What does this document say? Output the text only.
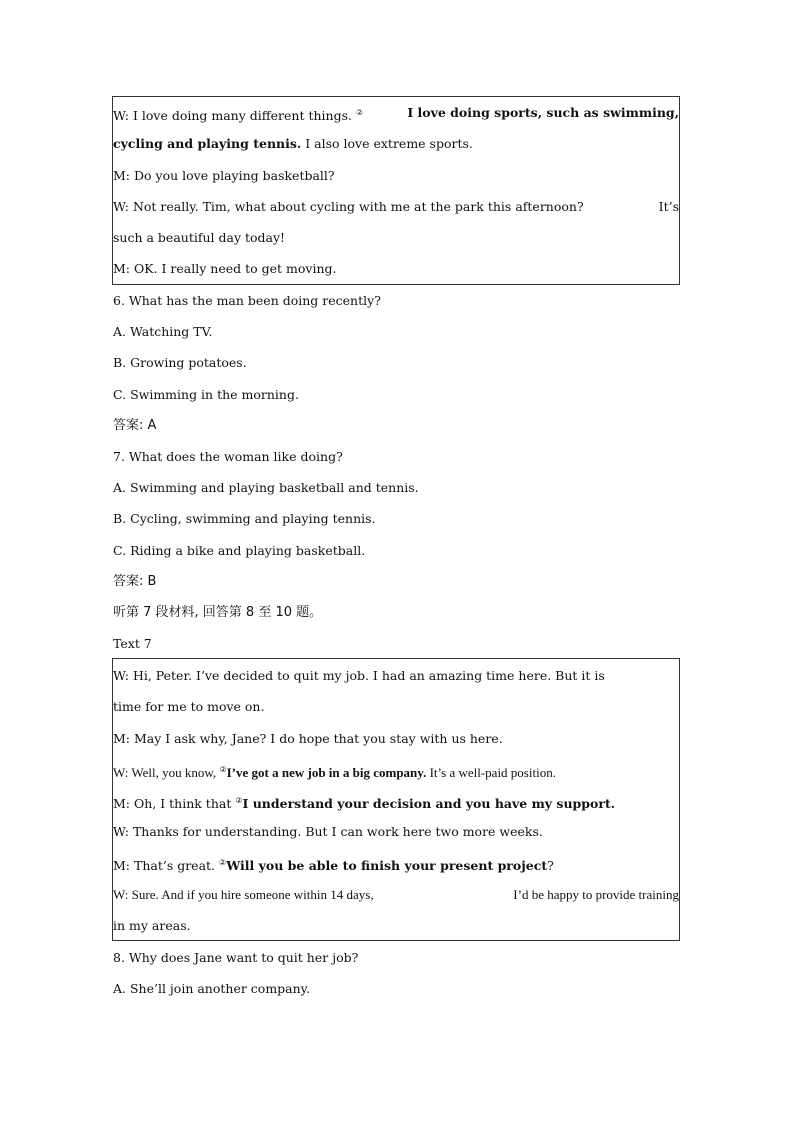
W: I love doing many different things. ②	I love doing sports, such as swimming,
cycling and playing tennis. I also love extreme sports.
M: Do you love playing basketball?
W: Not really. Tim, what about cycling with me at the park this afternoon?	It’s
such a beautiful day today!
M: OK. I really need to get moving.
6. What has the man been doing recently?
A. Watching TV.
B. Growing potatoes.
C. Swimming in the morning.
答案: A
7. What does the woman like doing?
A. Swimming and playing basketball and tennis.
B. Cycling, swimming and playing tennis.
C. Riding a bike and playing basketball.
答案: B
听第 7 段材料, 回答第 8 至 10 题。
Text 7
W: Hi, Peter. I’ve decided to quit my job. I had an amazing time here. But it is
time for me to move on.
M: May I ask why, Jane? I do hope that you stay with us here.
W: Well, you know, ②I’ve got a new job in a big company. It’s a well-paid position.
M: Oh, I think that ②I understand your decision and you have my support.
W: Thanks for understanding. But I can work here two more weeks.
M: That’s great. ②Will you be able to finish your present project?
W: Sure. And if you hire someone within 14 days,	I’d be happy to provide training
in my areas.
8. Why does Jane want to quit her job?
A. She’ll join another company.
